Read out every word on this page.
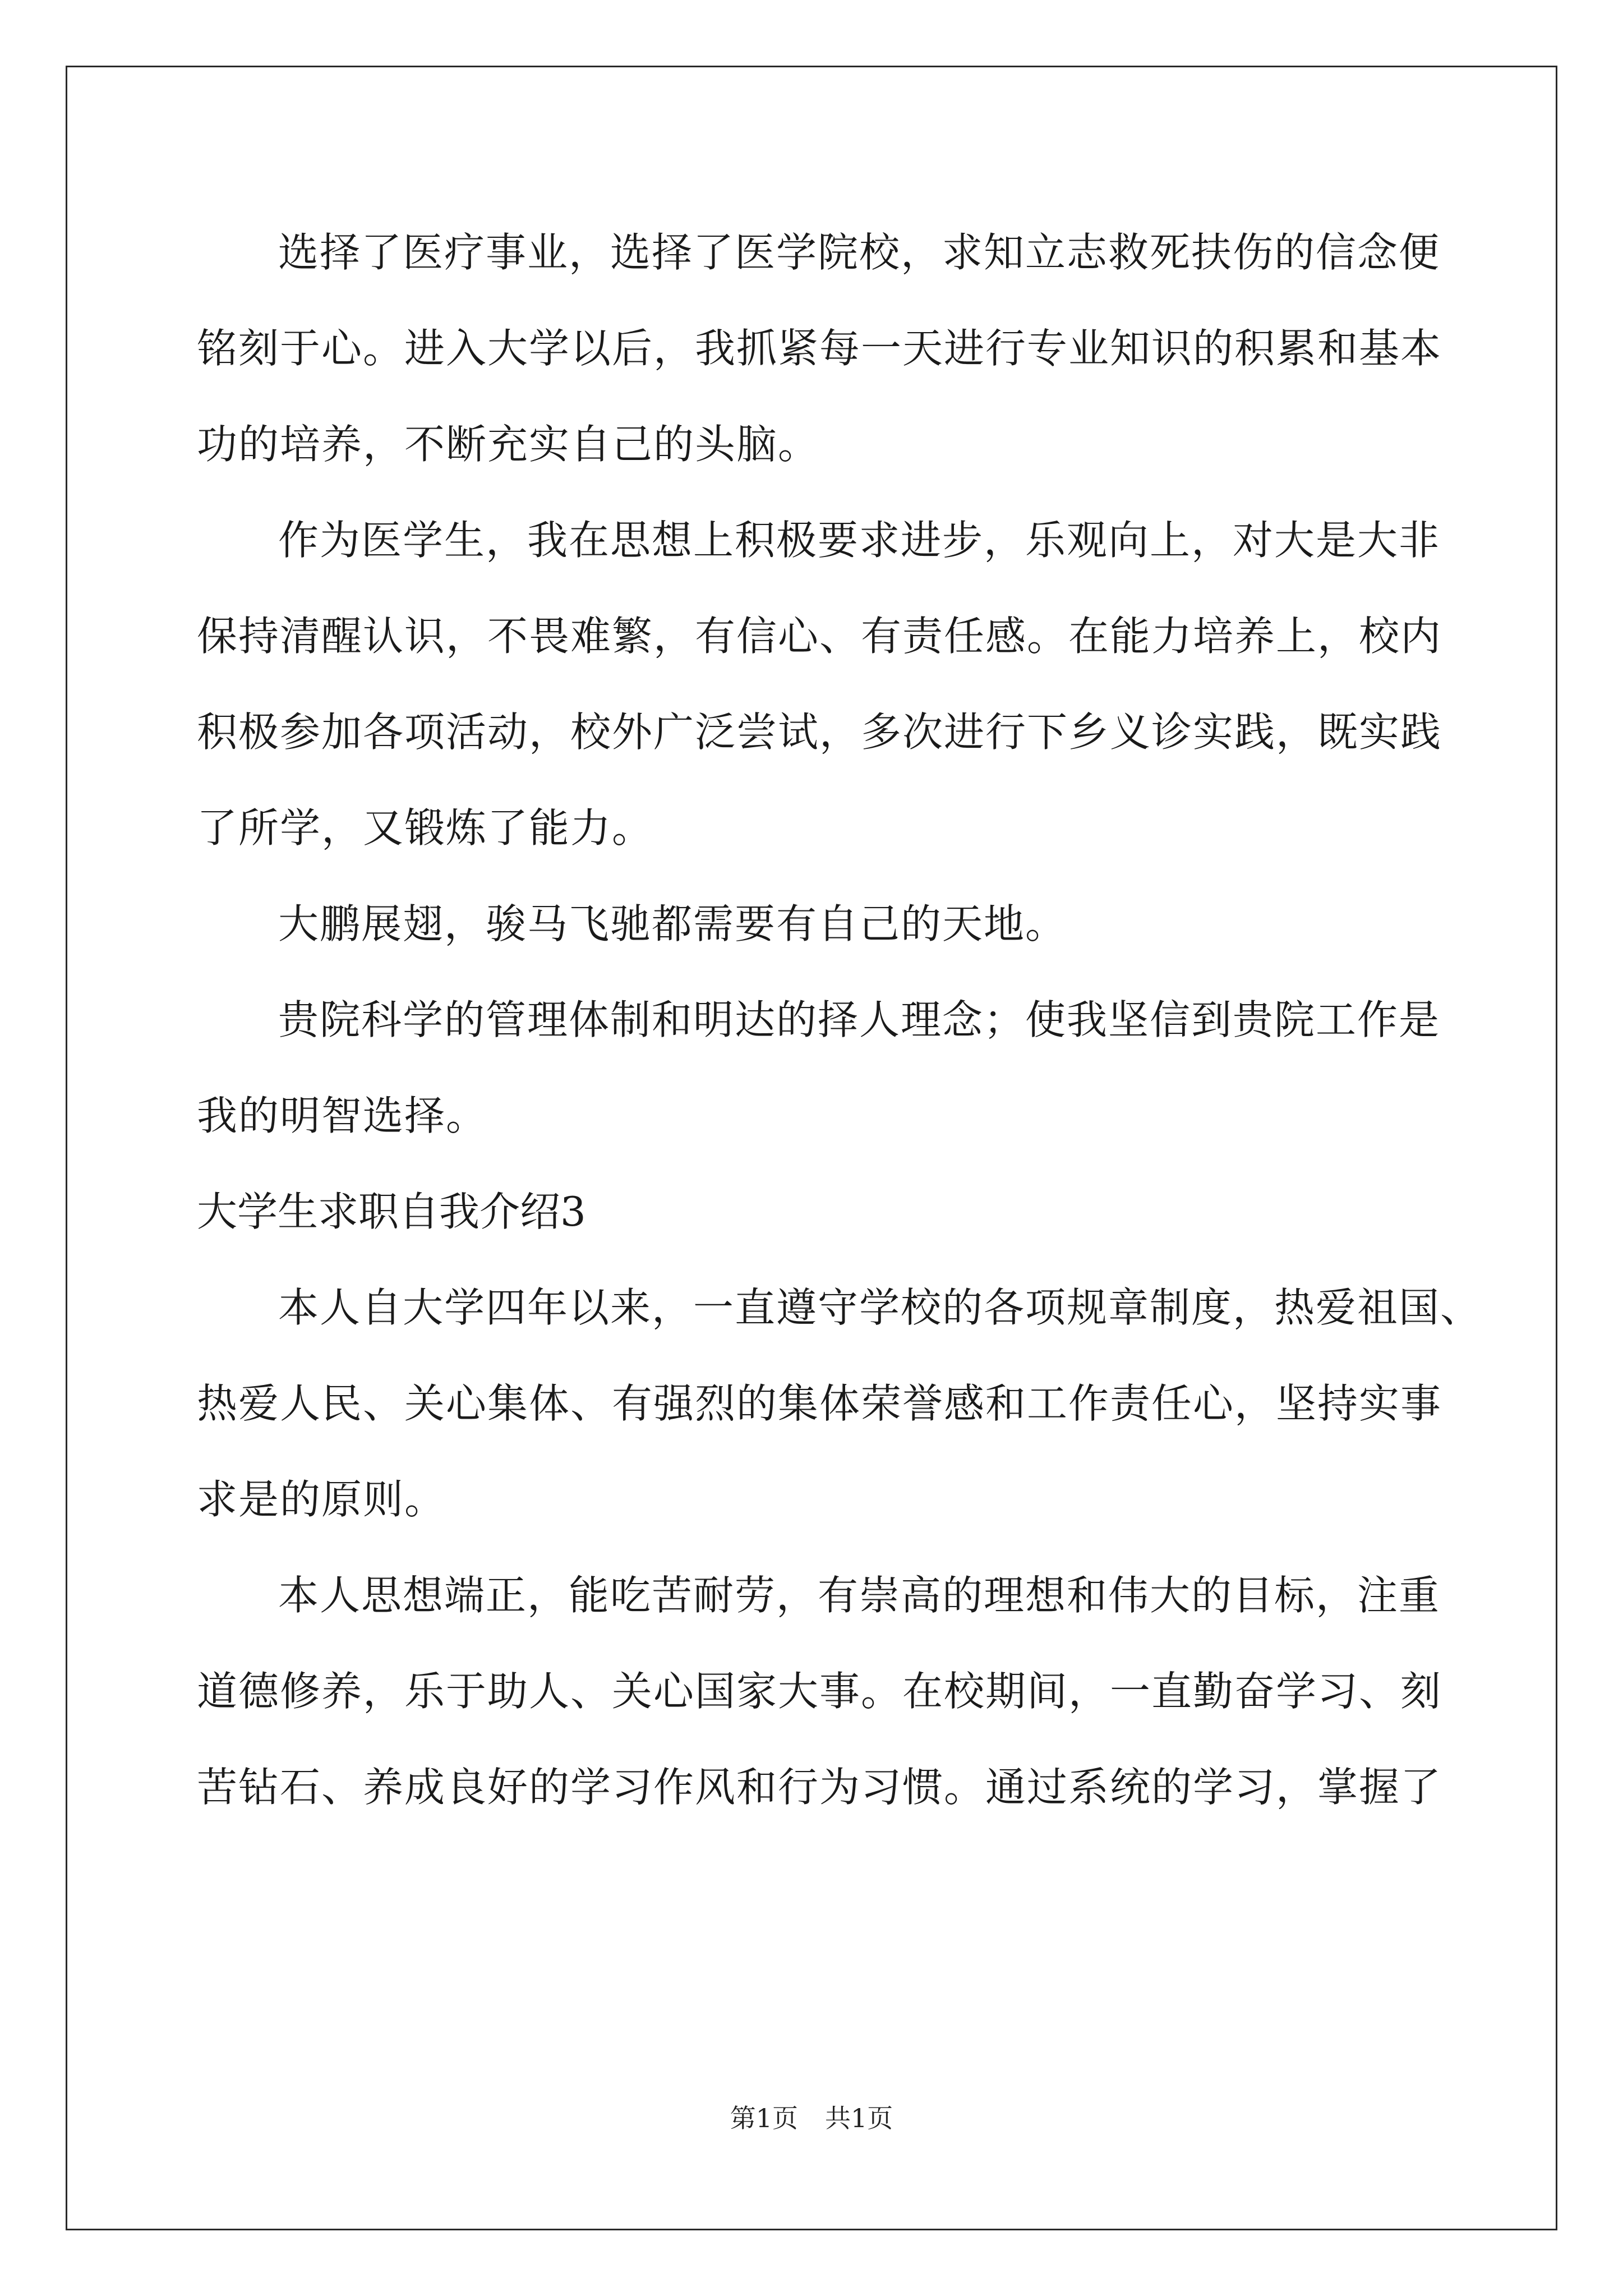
选择了医疗事业，选择了医学院校，求知立志救死扶伤的信念便
铭刻于心。进入大学以后，我抓紧每一天进行专业知识的积累和基本
功的培养，不断充实自己的头脑。
作为医学生，我在思想上积极要求进步，乐观向上，对大是大非
保持清醒认识，不畏难繁，有信心、有责任感。在能力培养上，校内
积极参加各项活动，校外广泛尝试，多次进行下乡义诊实践，既实践
了所学，又锻炼了能力。
大鹏展翅，骏马飞驰都需要有自己的天地。
贵院科学的管理体制和明达的择人理念；使我坚信到贵院工作是
我的明智选择。
大学生求职自我介绍3
本人自大学四年以来，一直遵守学校的各项规章制度，热爱祖国、
热爱人民、关心集体、有强烈的集体荣誉感和工作责任心，坚持实事
求是的原则。
本人思想端正，能吃苦耐劳，有崇高的理想和伟大的目标，注重
道德修养，乐于助人、关心国家大事。在校期间，一直勤奋学习、刻
苦钻石、养成良好的学习作风和行为习惯。通过系统的学习，掌握了
第1页 共1页
